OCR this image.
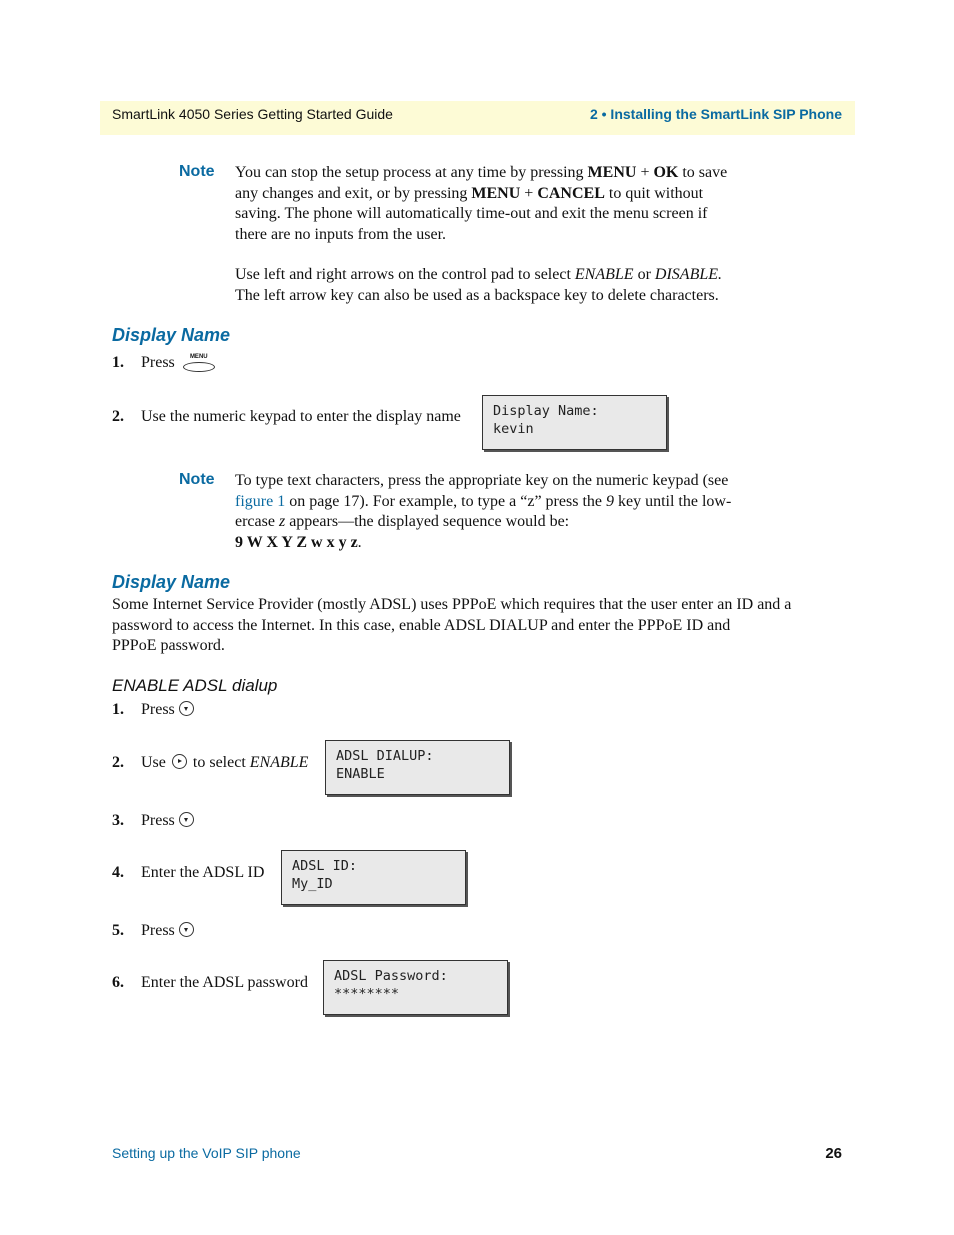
SmartLink 4050 Series Getting Started Guide	2 • Installing the SmartLink SIP Phone
Note You can stop the setup process at any time by pressing MENU + OK to save
any changes and exit, or by pressing MENU + CANCEL to quit without
saving. The phone will automatically time-out and exit the menu screen if
there are no inputs from the user.
Use left and right arrows on the control pad to select ENABLE or DISABLE.
The left arrow key can also be used as a backspace key to delete characters.
Display Name
1. Press	MENU
2. Use the numeric keypad to enter the display name	Display Name:
kevin
Note To type text characters, press the appropriate key on the numeric keypad (see
figure 1 on page 17). For example, to type a “z” press the 9 key until the low-
ercase z appears—the displayed sequence would be:
9 W X Y Z w x y z.
Display Name
Some Internet Service Provider (mostly ADSL) uses PPPoE which requires that the user enter an ID and a
password to access the Internet. In this case, enable ADSL DIALUP and enter the PPPoE ID and
PPPoE password.
ENABLE ADSL dialup
1. Press
2. Use to select ENABLE	ADSL DIALUP:
ENABLE
3. Press
4. Enter the ADSL ID	ADSL ID:
My_ID
5. Press
6. Enter the ADSL password	ADSL Password:
********
Setting up the VoIP SIP phone	26
